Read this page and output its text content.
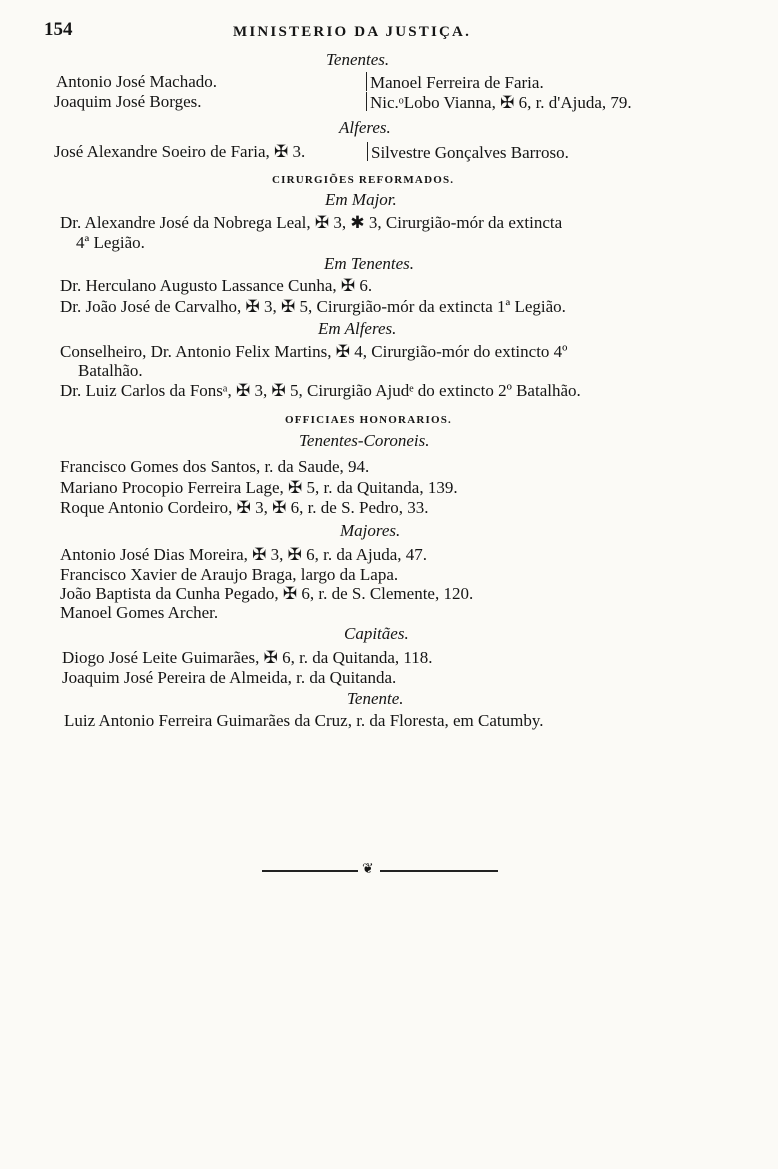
154	MINISTERIO DA JUSTIÇA.
Tenentes.
Antonio José Machado.	Manoel Ferreira de Faria.
Joaquim José Borges.	Nic.ᵒLobo Vianna, ✠ 6, r. d'Ajuda, 79.
Alferes.
José Alexandre Soeiro de Faria, ✠ 3.	Silvestre Gonçalves Barroso.
CIRURGIÕES REFORMADOS.
Em Major.
Dr. Alexandre José da Nobrega Leal, ✠ 3, ✱ 3, Cirurgião-mór da extincta
4ª Legião.
Em Tenentes.
Dr. Herculano Augusto Lassance Cunha, ✠ 6.
Dr. João José de Carvalho, ✠ 3, ✠ 5, Cirurgião-mór da extincta 1ª Legião.
Em Alferes.
Conselheiro, Dr. Antonio Felix Martins, ✠ 4, Cirurgião-mór do extincto 4º
Batalhão.
Dr. Luiz Carlos da Fonsᵃ, ✠ 3, ✠ 5, Cirurgião Ajudᵉ do extincto 2º Batalhão.
OFFICIAES HONORARIOS.
Tenentes-Coroneis.
Francisco Gomes dos Santos, r. da Saude, 94.
Mariano Procopio Ferreira Lage, ✠ 5, r. da Quitanda, 139.
Roque Antonio Cordeiro, ✠ 3, ✠ 6, r. de S. Pedro, 33.
Majores.
Antonio José Dias Moreira, ✠ 3, ✠ 6, r. da Ajuda, 47.
Francisco Xavier de Araujo Braga, largo da Lapa.
João Baptista da Cunha Pegado, ✠ 6, r. de S. Clemente, 120.
Manoel Gomes Archer.
Capitães.
Diogo José Leite Guimarães, ✠ 6, r. da Quitanda, 118.
Joaquim José Pereira de Almeida, r. da Quitanda.
Tenente.
Luiz Antonio Ferreira Guimarães da Cruz, r. da Floresta, em Catumby.
❦
